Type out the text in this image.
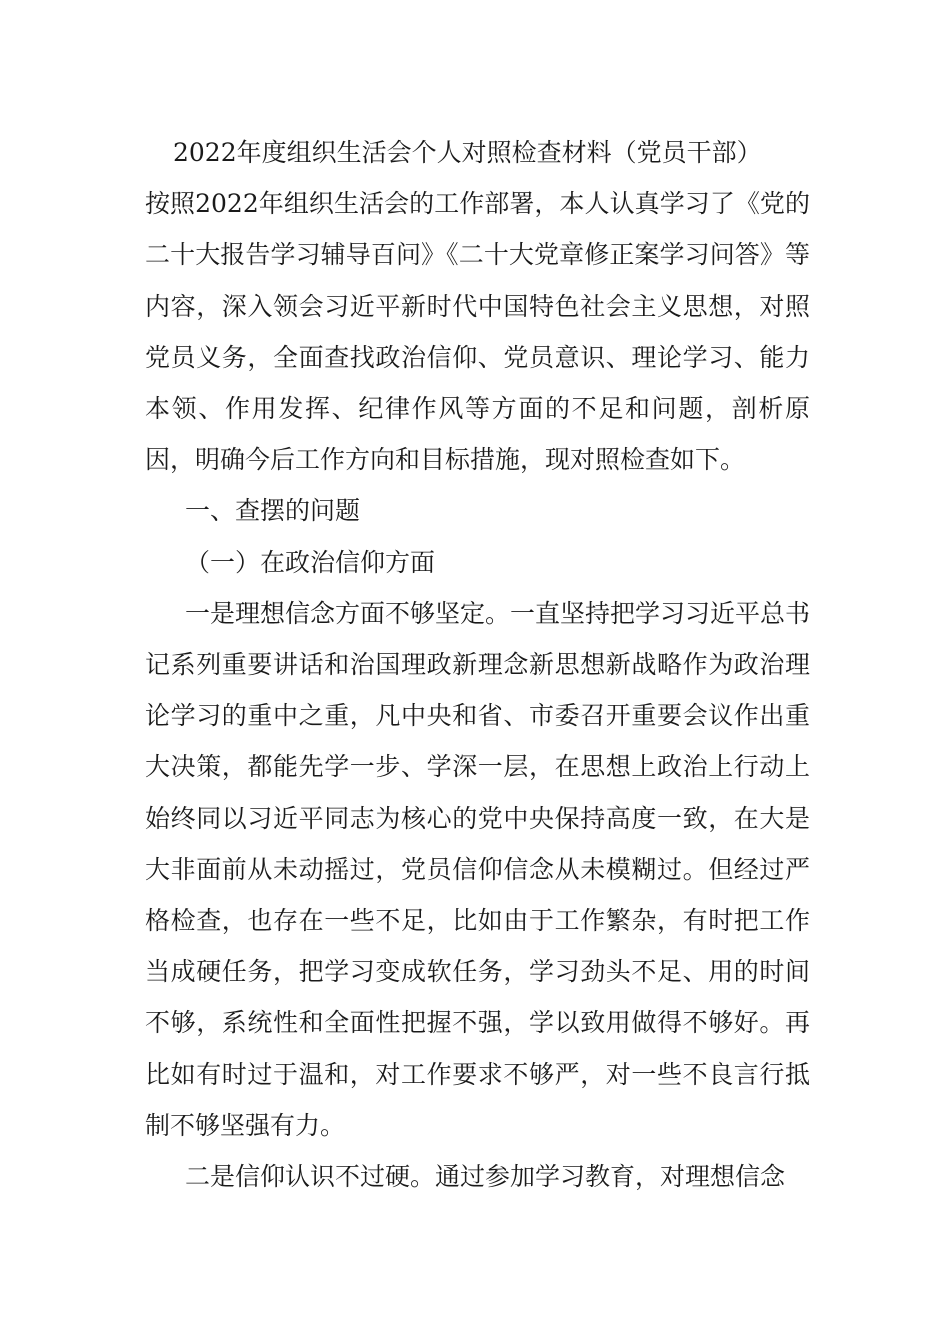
2022年度组织生活会个人对照检查材料（党员干部）

按照2022年组织生活会的工作部署，本人认真学习了《党的二十大报告学习辅导百问》《二十大党章修正案学习问答》等内容，深入领会习近平新时代中国特色社会主义思想，对照党员义务，全面查找政治信仰、党员意识、理论学习、能力本领、作用发挥、纪律作风等方面的不足和问题，剖析原因，明确今后工作方向和目标措施，现对照检查如下。

一、查摆的问题

（一）在政治信仰方面

一是理想信念方面不够坚定。一直坚持把学习习近平总书记系列重要讲话和治国理政新理念新思想新战略作为政治理论学习的重中之重，凡中央和省、市委召开重要会议作出重大决策，都能先学一步、学深一层，在思想上政治上行动上始终同以习近平同志为核心的党中央保持高度一致，在大是大非面前从未动摇过，党员信仰信念从未模糊过。但经过严格检查，也存在一些不足，比如由于工作繁杂，有时把工作当成硬任务，把学习变成软任务，学习劲头不足、用的时间不够，系统性和全面性把握不强，学以致用做得不够好。再比如有时过于温和，对工作要求不够严，对一些不良言行抵制不够坚强有力。

二是信仰认识不过硬。通过参加学习教育，对理想信念
